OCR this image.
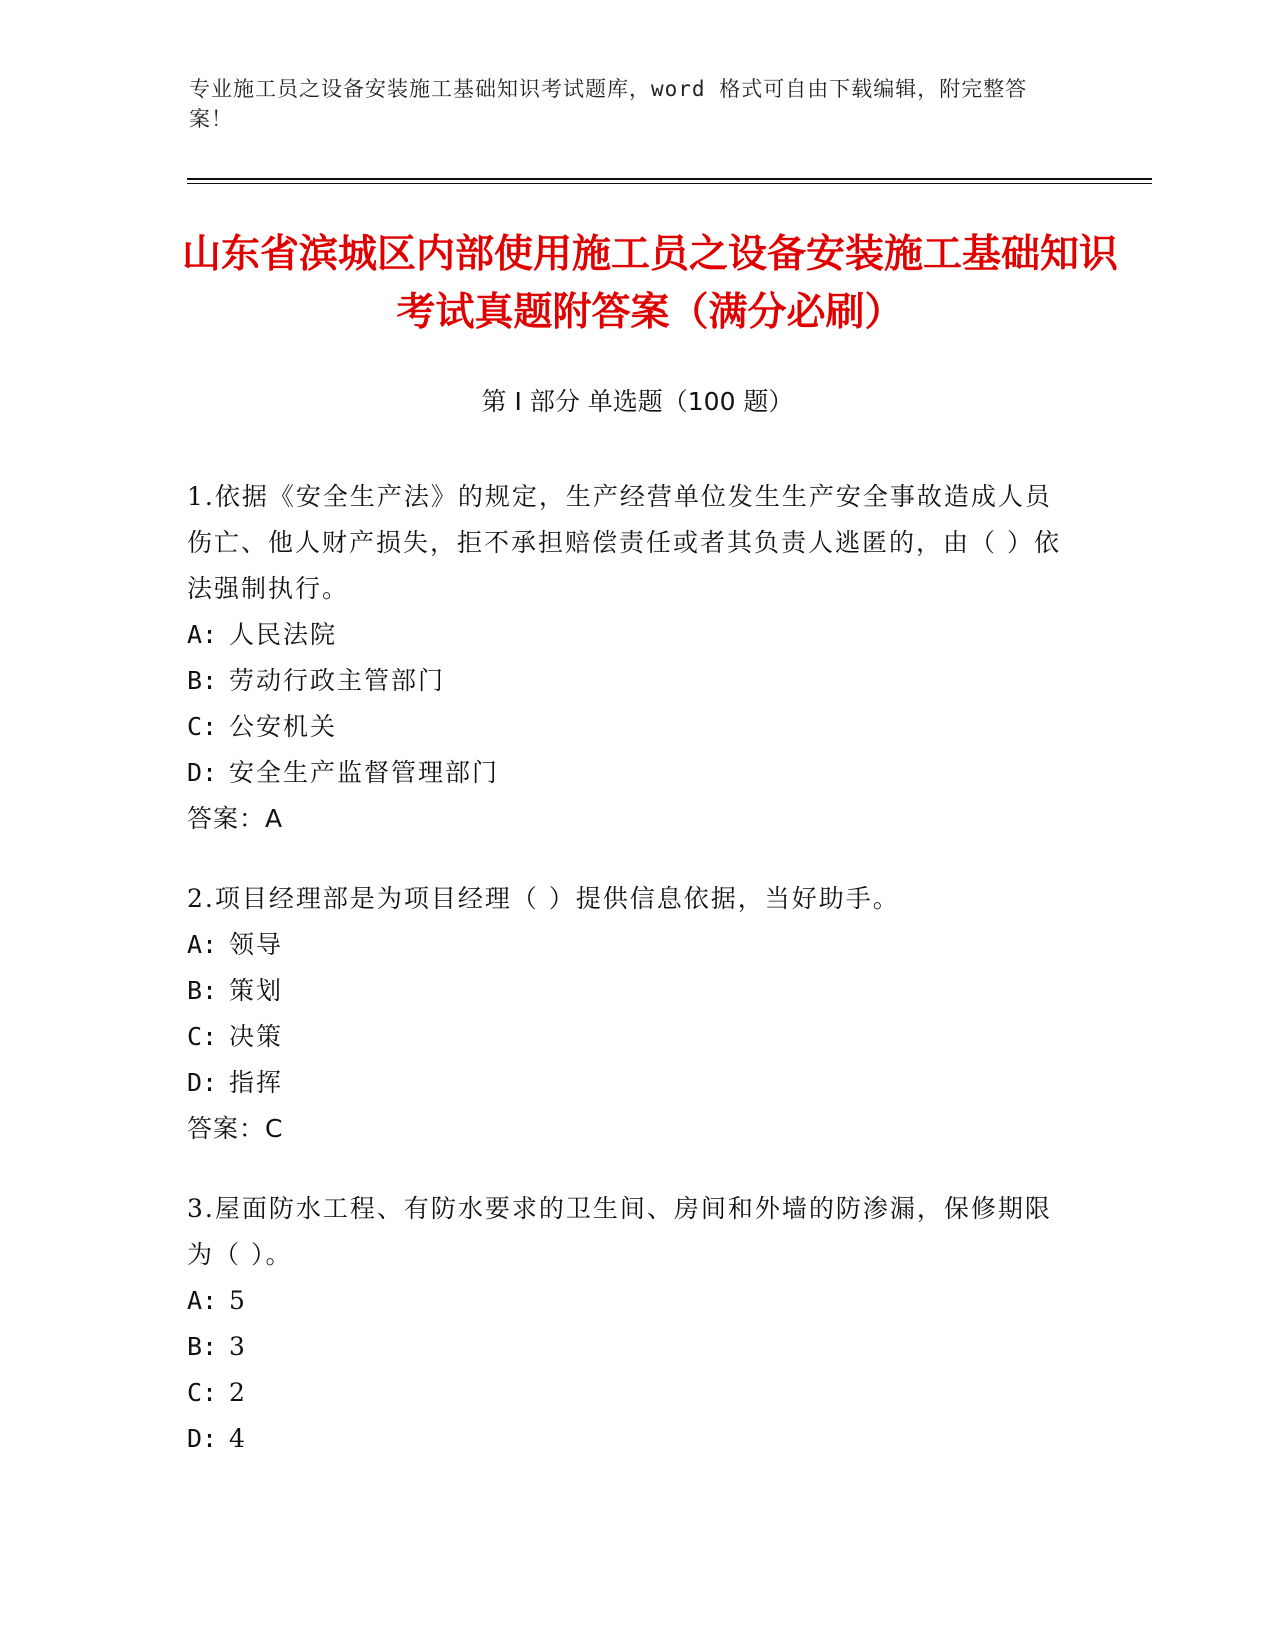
专业施工员之设备安装施工基础知识考试题库，word 格式可自由下载编辑，附完整答案！
山东省滨城区内部使用施工员之设备安装施工基础知识考试真题附答案（满分必刷）
第 I 部分 单选题（100 题）
1.依据《安全生产法》的规定，生产经营单位发生生产安全事故造成人员伤亡、他人财产损失，拒不承担赔偿责任或者其负责人逃匿的，由（ ）依法强制执行。
A: 人民法院
B: 劳动行政主管部门
C: 公安机关
D: 安全生产监督管理部门
答案：A
2.项目经理部是为项目经理（ ）提供信息依据，当好助手。
A: 领导
B: 策划
C: 决策
D: 指挥
答案：C
3.屋面防水工程、有防水要求的卫生间、房间和外墙的防渗漏，保修期限为（ ）。
A: 5
B: 3
C: 2
D: 4
